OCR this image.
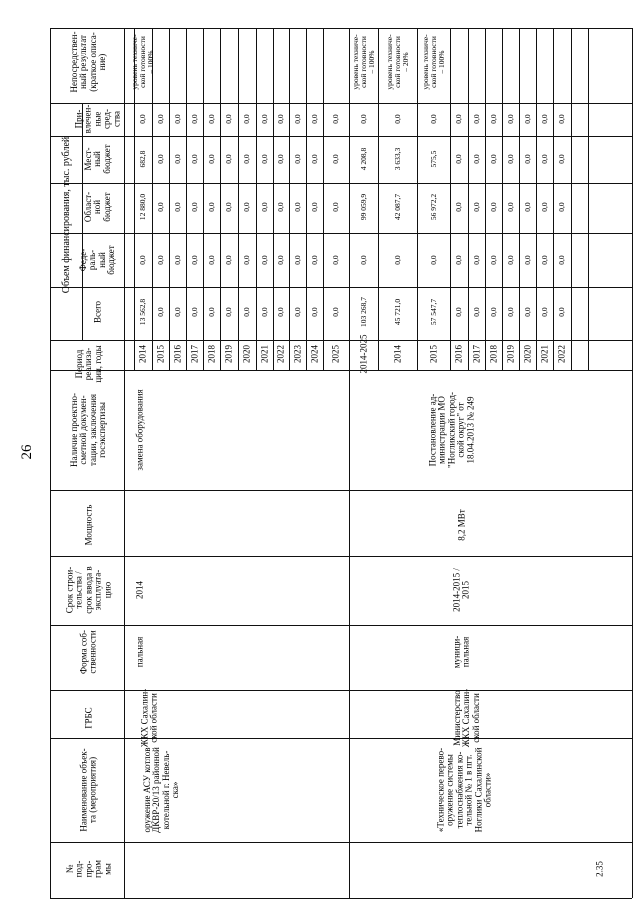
26
№
под-
про-
грам
мы
Наименование объек-
та (мероприятия)
ГРБС
Форма соб-
ственности
Срок строи-
тельства /
срок ввода в
эксплуата-
цию
Мощность
Наличие проектно-
сметной докумен-
тации, заключения
госэкспертизы
Период
реализа-
ции, годы
Объем финансирования, тыс. рублей
Всего
Феде-
раль-
ный
бюджет
Област-
ной
бюджет
Мест-
ный
бюджет
При-
влечен-
ные
сред-
ства
Непосредствен-
ный результат
(краткое описа-
ние)
оружение АСУ котлов
ДКВР-20/13 районной
котельной г. Невель-
ска»
ЖКХ Сахалин-
ской области
пальная
2014
замена оборудования
2.35
«Техническое перево-
оружение системы
теплоснабжения ко-
тельной № 1 в пгт.
Ноглики Сахалинской
области»
Министерство
ЖКХ Сахалин-
ской области
муници-
пальная
2014-2015 /
2015
8,2 МВт
Постановление ад-
министрации МО
"Ногликский город-
ской округ" от
18.04.2013 № 249
2014
13 562,8
0,0
12 880,0
682,8
0,0
уровень техниче-
ской готовности
– 100%
2015
0,0
0,0
0,0
0,0
0,0
2016
0,0
0,0
0,0
0,0
0,0
2017
0,0
0,0
0,0
0,0
0,0
2018
0,0
0,0
0,0
0,0
0,0
2019
0,0
0,0
0,0
0,0
0,0
2020
0,0
0,0
0,0
0,0
0,0
2021
0,0
0,0
0,0
0,0
0,0
2022
0,0
0,0
0,0
0,0
0,0
2023
0,0
0,0
0,0
0,0
0,0
2024
0,0
0,0
0,0
0,0
0,0
2025
0,0
0,0
0,0
0,0
0,0
2014-2025
103 268,7
0,0
99 059,9
4 208,8
0,0
уровень техниче-
ской готовности
– 100%
2014
45 721,0
0,0
42 087,7
3 633,3
0,0
уровень техниче-
ской готовности
– 20%
2015
57 547,7
0,0
56 972,2
575,5
0,0
уровень техниче-
ской готовности
– 100%
2016
0,0
0,0
0,0
0,0
0,0
2017
0,0
0,0
0,0
0,0
0,0
2018
0,0
0,0
0,0
0,0
0,0
2019
0,0
0,0
0,0
0,0
0,0
2020
0,0
0,0
0,0
0,0
0,0
2021
0,0
0,0
0,0
0,0
0,0
2022
0,0
0,0
0,0
0,0
0,0
